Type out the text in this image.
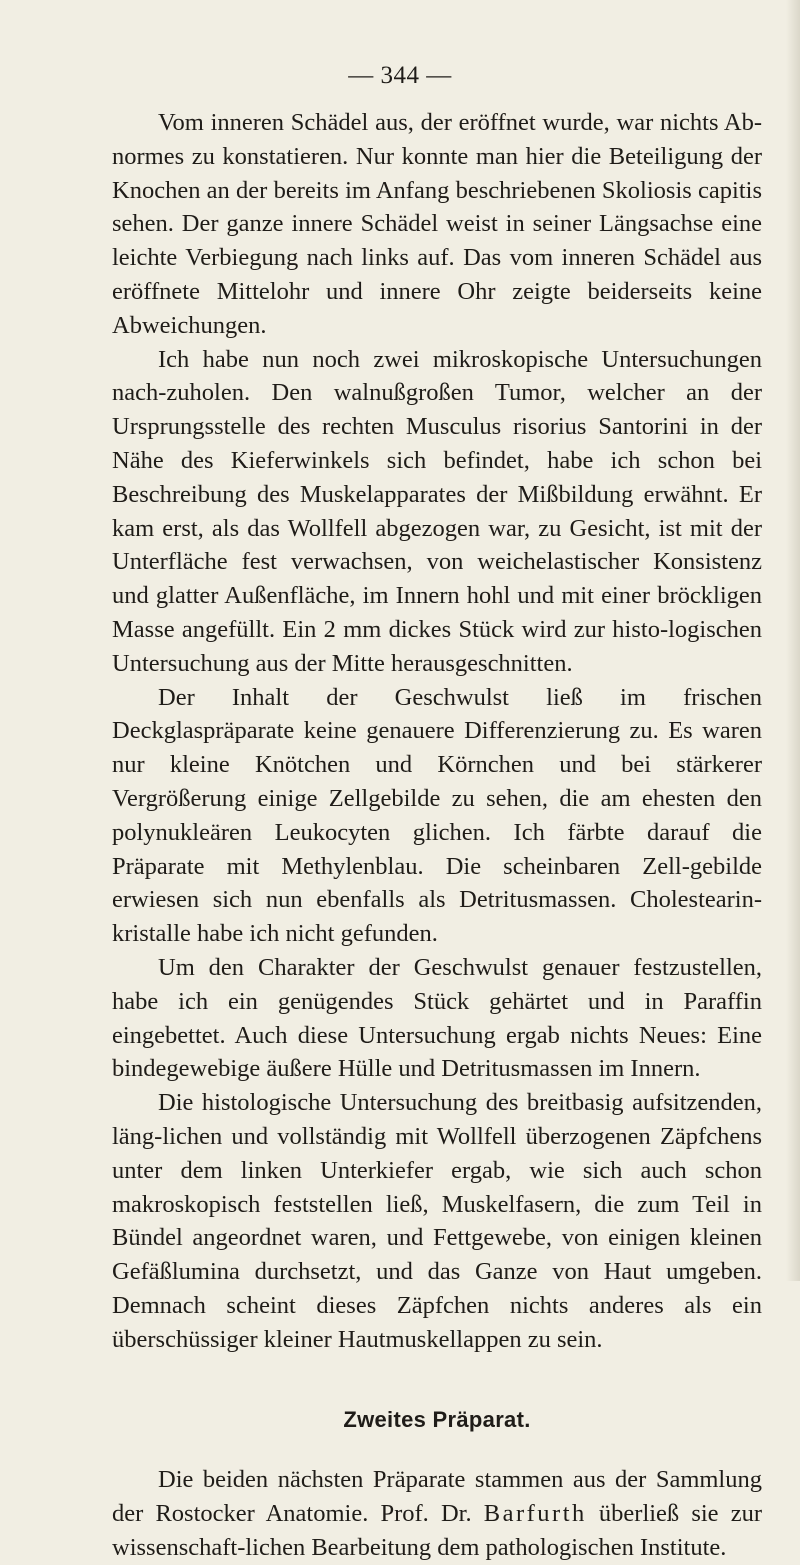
— 344 —

Vom inneren Schädel aus, der eröffnet wurde, war nichts Ab-normes zu konstatieren. Nur konnte man hier die Beteiligung der Knochen an der bereits im Anfang beschriebenen Skoliosis capitis sehen. Der ganze innere Schädel weist in seiner Längsachse eine leichte Verbiegung nach links auf. Das vom inneren Schädel aus eröffnete Mittelohr und innere Ohr zeigte beiderseits keine Abweichungen.

Ich habe nun noch zwei mikroskopische Untersuchungen nach-zuholen. Den walnußgroßen Tumor, welcher an der Ursprungsstelle des rechten Musculus risorius Santorini in der Nähe des Kieferwinkels sich befindet, habe ich schon bei Beschreibung des Muskelapparates der Mißbildung erwähnt. Er kam erst, als das Wollfell abgezogen war, zu Gesicht, ist mit der Unterfläche fest verwachsen, von weichelastischer Konsistenz und glatter Außenfläche, im Innern hohl und mit einer bröckligen Masse angefüllt. Ein 2 mm dickes Stück wird zur histo-logischen Untersuchung aus der Mitte herausgeschnitten.

Der Inhalt der Geschwulst ließ im frischen Deckglaspräparate keine genauere Differenzierung zu. Es waren nur kleine Knötchen und Körnchen und bei stärkerer Vergrößerung einige Zellgebilde zu sehen, die am ehesten den polynukleären Leukocyten glichen. Ich färbte darauf die Präparate mit Methylenblau. Die scheinbaren Zell-gebilde erwiesen sich nun ebenfalls als Detritusmassen. Cholestearin-kristalle habe ich nicht gefunden.

Um den Charakter der Geschwulst genauer festzustellen, habe ich ein genügendes Stück gehärtet und in Paraffin eingebettet. Auch diese Untersuchung ergab nichts Neues: Eine bindegewebige äußere Hülle und Detritusmassen im Innern.

Die histologische Untersuchung des breitbasig aufsitzenden, läng-lichen und vollständig mit Wollfell überzogenen Zäpfchens unter dem linken Unterkiefer ergab, wie sich auch schon makroskopisch feststellen ließ, Muskelfasern, die zum Teil in Bündel angeordnet waren, und Fettgewebe, von einigen kleinen Gefäßlumina durchsetzt, und das Ganze von Haut umgeben. Demnach scheint dieses Zäpfchen nichts anderes als ein überschüssiger kleiner Hautmuskellappen zu sein.

Zweites Präparat.

Die beiden nächsten Präparate stammen aus der Sammlung der Rostocker Anatomie. Prof. Dr. Barfurth überließ sie zur wissenschaft-lichen Bearbeitung dem pathologischen Institute.
